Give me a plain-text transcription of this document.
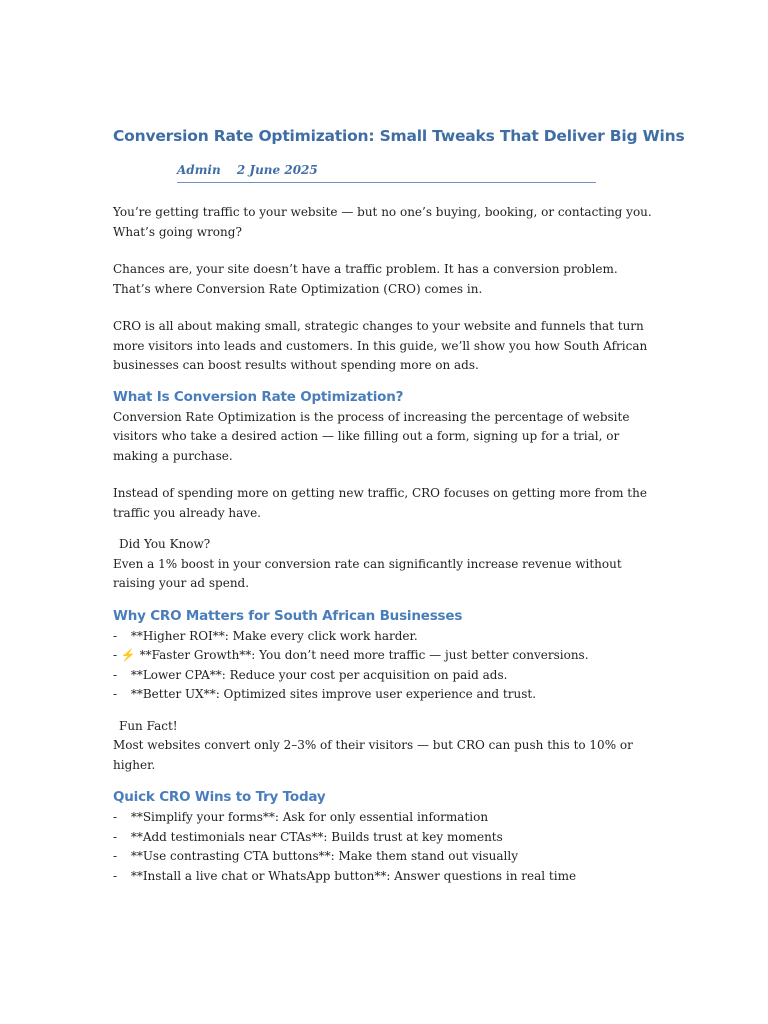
Conversion Rate Optimization: Small Tweaks That Deliver Big Wins
Admin 2 June 2025

You’re getting traffic to your website — but no one’s buying, booking, or contacting you. What’s going wrong?

Chances are, your site doesn’t have a traffic problem. It has a conversion problem. That’s where Conversion Rate Optimization (CRO) comes in.

CRO is all about making small, strategic changes to your website and funnels that turn more visitors into leads and customers. In this guide, we’ll show you how South African businesses can boost results without spending more on ads.

What Is Conversion Rate Optimization?

Conversion Rate Optimization is the process of increasing the percentage of website visitors who take a desired action — like filling out a form, signing up for a trial, or making a purchase.

Instead of spending more on getting new traffic, CRO focuses on getting more from the traffic you already have.

Did You Know?

Even a 1% boost in your conversion rate can significantly increase revenue without raising your ad spend.

Why CRO Matters for South African Businesses
- **Higher ROI**: Make every click work harder.
- ⚡ **Faster Growth**: You don’t need more traffic — just better conversions.
- **Lower CPA**: Reduce your cost per acquisition on paid ads.
- **Better UX**: Optimized sites improve user experience and trust.

Fun Fact!

Most websites convert only 2–3% of their visitors — but CRO can push this to 10% or higher.

Quick CRO Wins to Try Today
- **Simplify your forms**: Ask for only essential information
- **Add testimonials near CTAs**: Builds trust at key moments
- **Use contrasting CTA buttons**: Make them stand out visually
- **Install a live chat or WhatsApp button**: Answer questions in real time
